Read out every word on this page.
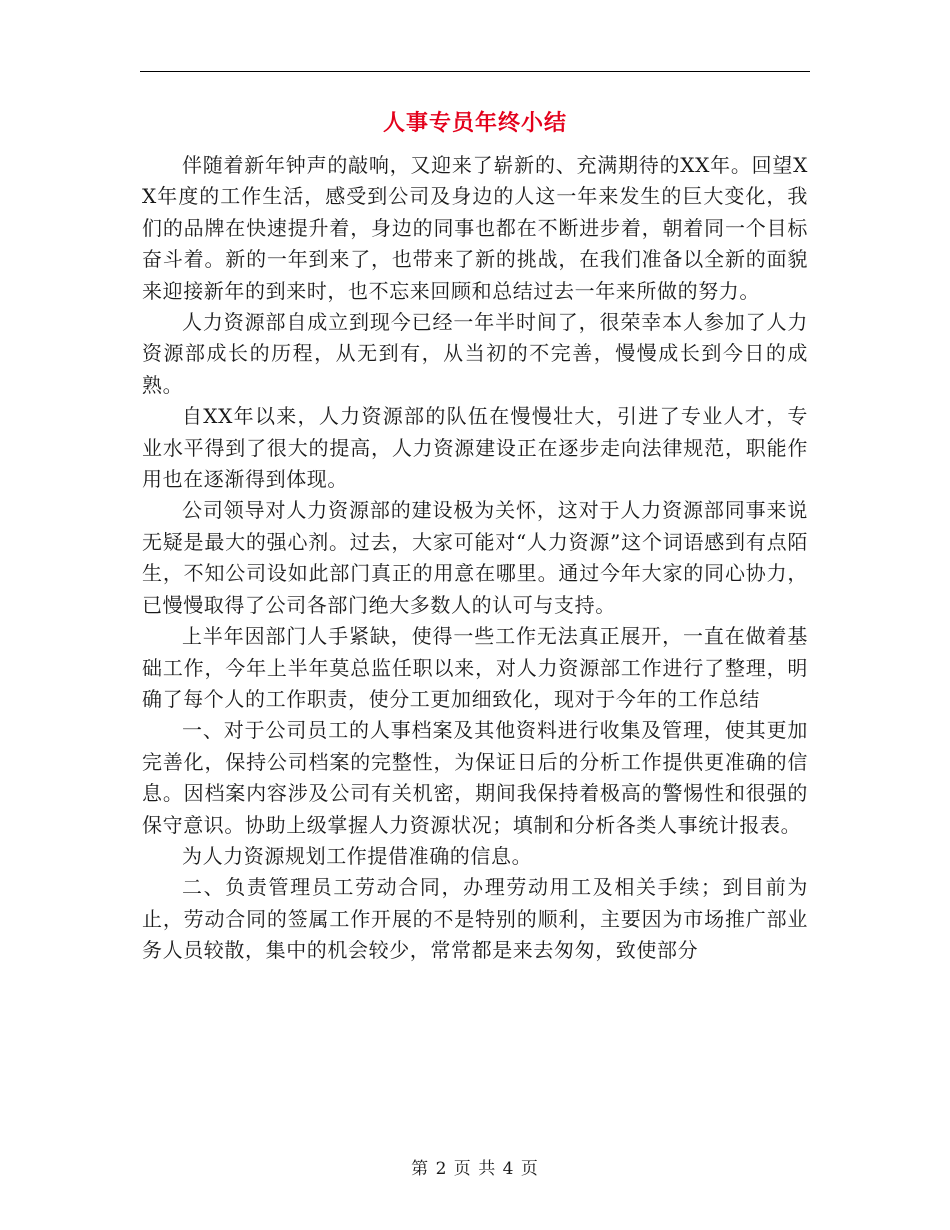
人事专员年终小结

伴随着新年钟声的敲响，又迎来了崭新的、充满期待的XX年。回望XX年度的工作生活，感受到公司及身边的人这一年来发生的巨大变化，我们的品牌在快速提升着，身边的同事也都在不断进步着，朝着同一个目标奋斗着。新的一年到来了，也带来了新的挑战，在我们准备以全新的面貌来迎接新年的到来时，也不忘来回顾和总结过去一年来所做的努力。

人力资源部自成立到现今已经一年半时间了，很荣幸本人参加了人力资源部成长的历程，从无到有，从当初的不完善，慢慢成长到今日的成熟。

自XX年以来，人力资源部的队伍在慢慢壮大，引进了专业人才，专业水平得到了很大的提高，人力资源建设正在逐步走向法律规范，职能作用也在逐渐得到体现。

公司领导对人力资源部的建设极为关怀，这对于人力资源部同事来说无疑是最大的强心剂。过去，大家可能对“人力资源”这个词语感到有点陌生，不知公司设如此部门真正的用意在哪里。通过今年大家的同心协力，已慢慢取得了公司各部门绝大多数人的认可与支持。

上半年因部门人手紧缺，使得一些工作无法真正展开，一直在做着基础工作，今年上半年莫总监任职以来，对人力资源部工作进行了整理，明确了每个人的工作职责，使分工更加细致化，现对于今年的工作总结

一、对于公司员工的人事档案及其他资料进行收集及管理，使其更加完善化，保持公司档案的完整性，为保证日后的分析工作提供更准确的信息。因档案内容涉及公司有关机密，期间我保持着极高的警惕性和很强的保守意识。协助上级掌握人力资源状况；填制和分析各类人事统计报表。

为人力资源规划工作提借准确的信息。

二、负责管理员工劳动合同，办理劳动用工及相关手续；到目前为止，劳动合同的签属工作开展的不是特别的顺利，主要因为市场推广部业务人员较散，集中的机会较少，常常都是来去匆匆，致使部分

第 2 页 共 4 页
